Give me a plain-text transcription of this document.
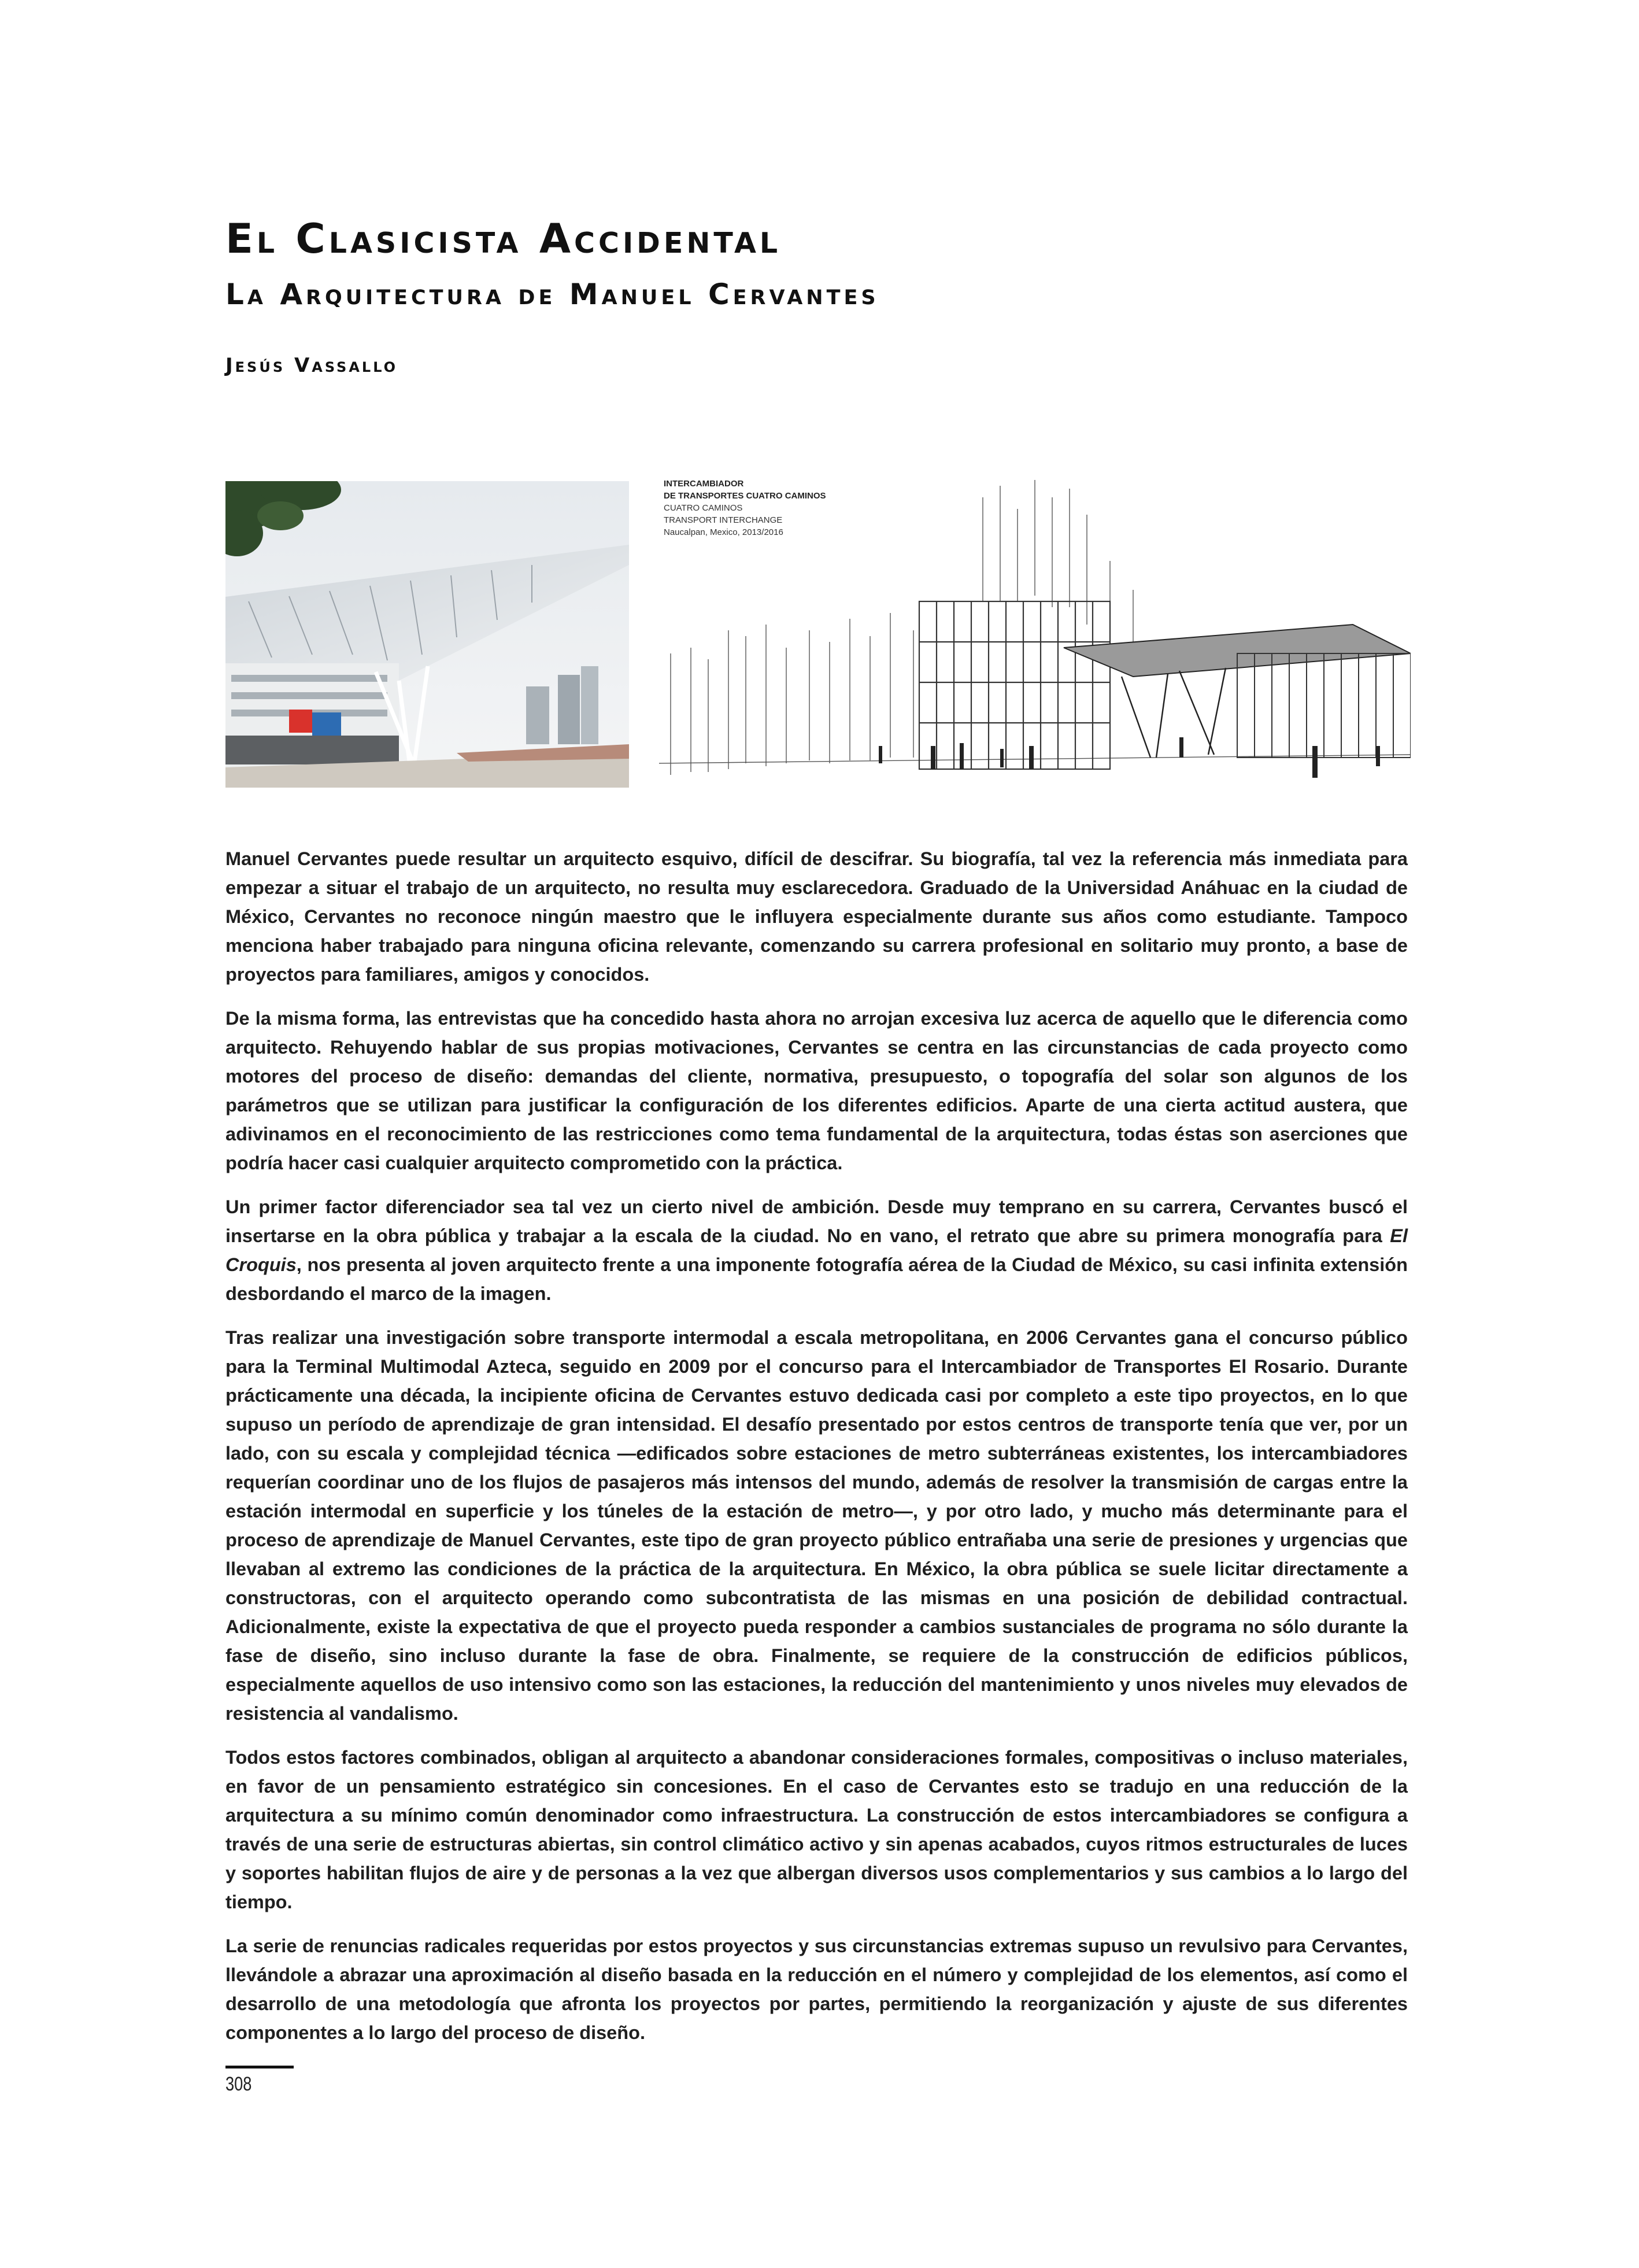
El Clasicista Accidental
La Arquitectura de Manuel Cervantes
Jesús Vassallo
INTERCAMBIADOR
DE TRANSPORTES CUATRO CAMINOS
CUATRO CAMINOS
TRANSPORT INTERCHANGE
Naucalpan, Mexico, 2013/2016

Manuel Cervantes puede resultar un arquitecto esquivo, difícil de descifrar. Su biografía, tal vez la referencia más inmediata para empezar a situar el trabajo de un arquitecto, no resulta muy esclarecedora. Graduado de la Universidad Anáhuac en la ciudad de México, Cervantes no reconoce ningún maestro que le influyera especialmente durante sus años como estudiante. Tampoco menciona haber trabajado para ninguna oficina relevante, comenzando su carrera profesional en solitario muy pronto, a base de proyectos para familiares, amigos y conocidos.

De la misma forma, las entrevistas que ha concedido hasta ahora no arrojan excesiva luz acerca de aquello que le diferencia como arquitecto. Rehuyendo hablar de sus propias motivaciones, Cervantes se centra en las circunstancias de cada proyecto como motores del proceso de diseño: demandas del cliente, normativa, presupuesto, o topografía del solar son algunos de los parámetros que se utilizan para justificar la configuración de los diferentes edificios. Aparte de una cierta actitud austera, que adivinamos en el reconocimiento de las restricciones como tema fundamental de la arquitectura, todas éstas son aserciones que podría hacer casi cualquier arquitecto comprometido con la práctica.

Un primer factor diferenciador sea tal vez un cierto nivel de ambición. Desde muy temprano en su carrera, Cervantes buscó el insertarse en la obra pública y trabajar a la escala de la ciudad. No en vano, el retrato que abre su primera monografía para El Croquis, nos presenta al joven arquitecto frente a una imponente fotografía aérea de la Ciudad de México, su casi infinita extensión desbordando el marco de la imagen.

Tras realizar una investigación sobre transporte intermodal a escala metropolitana, en 2006 Cervantes gana el concurso público para la Terminal Multimodal Azteca, seguido en 2009 por el concurso para el Intercambiador de Transportes El Rosario. Durante prácticamente una década, la incipiente oficina de Cervantes estuvo dedicada casi por completo a este tipo proyectos, en lo que supuso un período de aprendizaje de gran intensidad. El desafío presentado por estos centros de transporte tenía que ver, por un lado, con su escala y complejidad técnica —edificados sobre estaciones de metro subterráneas existentes, los intercambiadores requerían coordinar uno de los flujos de pasajeros más intensos del mundo, además de resolver la transmisión de cargas entre la estación intermodal en superficie y los túneles de la estación de metro—, y por otro lado, y mucho más determinante para el proceso de aprendizaje de Manuel Cervantes, este tipo de gran proyecto público entrañaba una serie de presiones y urgencias que llevaban al extremo las condiciones de la práctica de la arquitectura. En México, la obra pública se suele licitar directamente a constructoras, con el arquitecto operando como subcontratista de las mismas en una posición de debilidad contractual. Adicionalmente, existe la expectativa de que el proyecto pueda responder a cambios sustanciales de programa no sólo durante la fase de diseño, sino incluso durante la fase de obra. Finalmente, se requiere de la construcción de edificios públicos, especialmente aquellos de uso intensivo como son las estaciones, la reducción del mantenimiento y unos niveles muy elevados de resistencia al vandalismo.

Todos estos factores combinados, obligan al arquitecto a abandonar consideraciones formales, compositivas o incluso materiales, en favor de un pensamiento estratégico sin concesiones. En el caso de Cervantes esto se tradujo en una reducción de la arquitectura a su mínimo común denominador como infraestructura. La construcción de estos intercambiadores se configura a través de una serie de estructuras abiertas, sin control climático activo y sin apenas acabados, cuyos ritmos estructurales de luces y soportes habilitan flujos de aire y de personas a la vez que albergan diversos usos complementarios y sus cambios a lo largo del tiempo.

La serie de renuncias radicales requeridas por estos proyectos y sus circunstancias extremas supuso un revulsivo para Cervantes, llevándole a abrazar una aproximación al diseño basada en la reducción en el número y complejidad de los elementos, así como el desarrollo de una metodología que afronta los proyectos por partes, permitiendo la reorganización y ajuste de sus diferentes componentes a lo largo del proceso de diseño.

308
